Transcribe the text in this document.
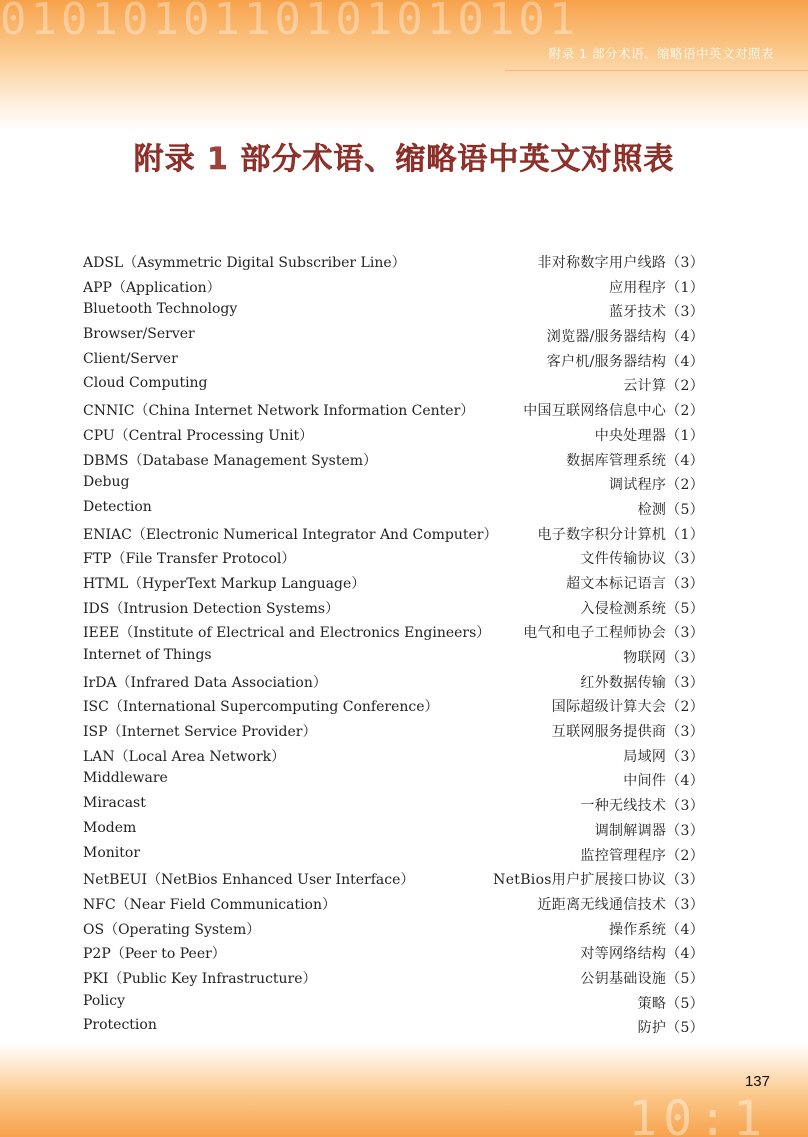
0101010110101010101
附录 1 部分术语、缩略语中英文对照表
附录 1 部分术语、缩略语中英文对照表
ADSL（Asymmetric Digital Subscriber Line）	非对称数字用户线路（3）
APP（Application）	应用程序（1）
Bluetooth Technology	蓝牙技术（3）
Browser/Server	浏览器/服务器结构（4）
Client/Server	客户机/服务器结构（4）
Cloud Computing	云计算（2）
CNNIC（China Internet Network Information Center）	中国互联网络信息中心（2）
CPU（Central Processing Unit）	中央处理器（1）
DBMS（Database Management System）	数据库管理系统（4）
Debug	调试程序（2）
Detection	检测（5）
ENIAC（Electronic Numerical Integrator And Computer）	电子数字积分计算机（1）
FTP（File Transfer Protocol）	文件传输协议（3）
HTML（HyperText Markup Language）	超文本标记语言（3）
IDS（Intrusion Detection Systems）	入侵检测系统（5）
IEEE（Institute of Electrical and Electronics Engineers） 电气和电子工程师协会（3）
Internet of Things	物联网（3）
IrDA（Infrared Data Association）	红外数据传输（3）
ISC（International Supercomputing Conference）	国际超级计算大会（2）
ISP（Internet Service Provider）	互联网服务提供商（3）
LAN（Local Area Network）	局域网（3）
Middleware	中间件（4）
Miracast	一种无线技术（3）
Modem	调制解调器（3）
Monitor	监控管理程序（2）
NetBEUI（NetBios Enhanced User Interface）	NetBios用户扩展接口协议（3）
NFC（Near Field Communication）	近距离无线通信技术（3）
OS（Operating System）	操作系统（4）
P2P（Peer to Peer）	对等网络结构（4）
PKI（Public Key Infrastructure）	公钥基础设施（5）
Policy	策略（5）
Protection	防护（5）
10:1
137
